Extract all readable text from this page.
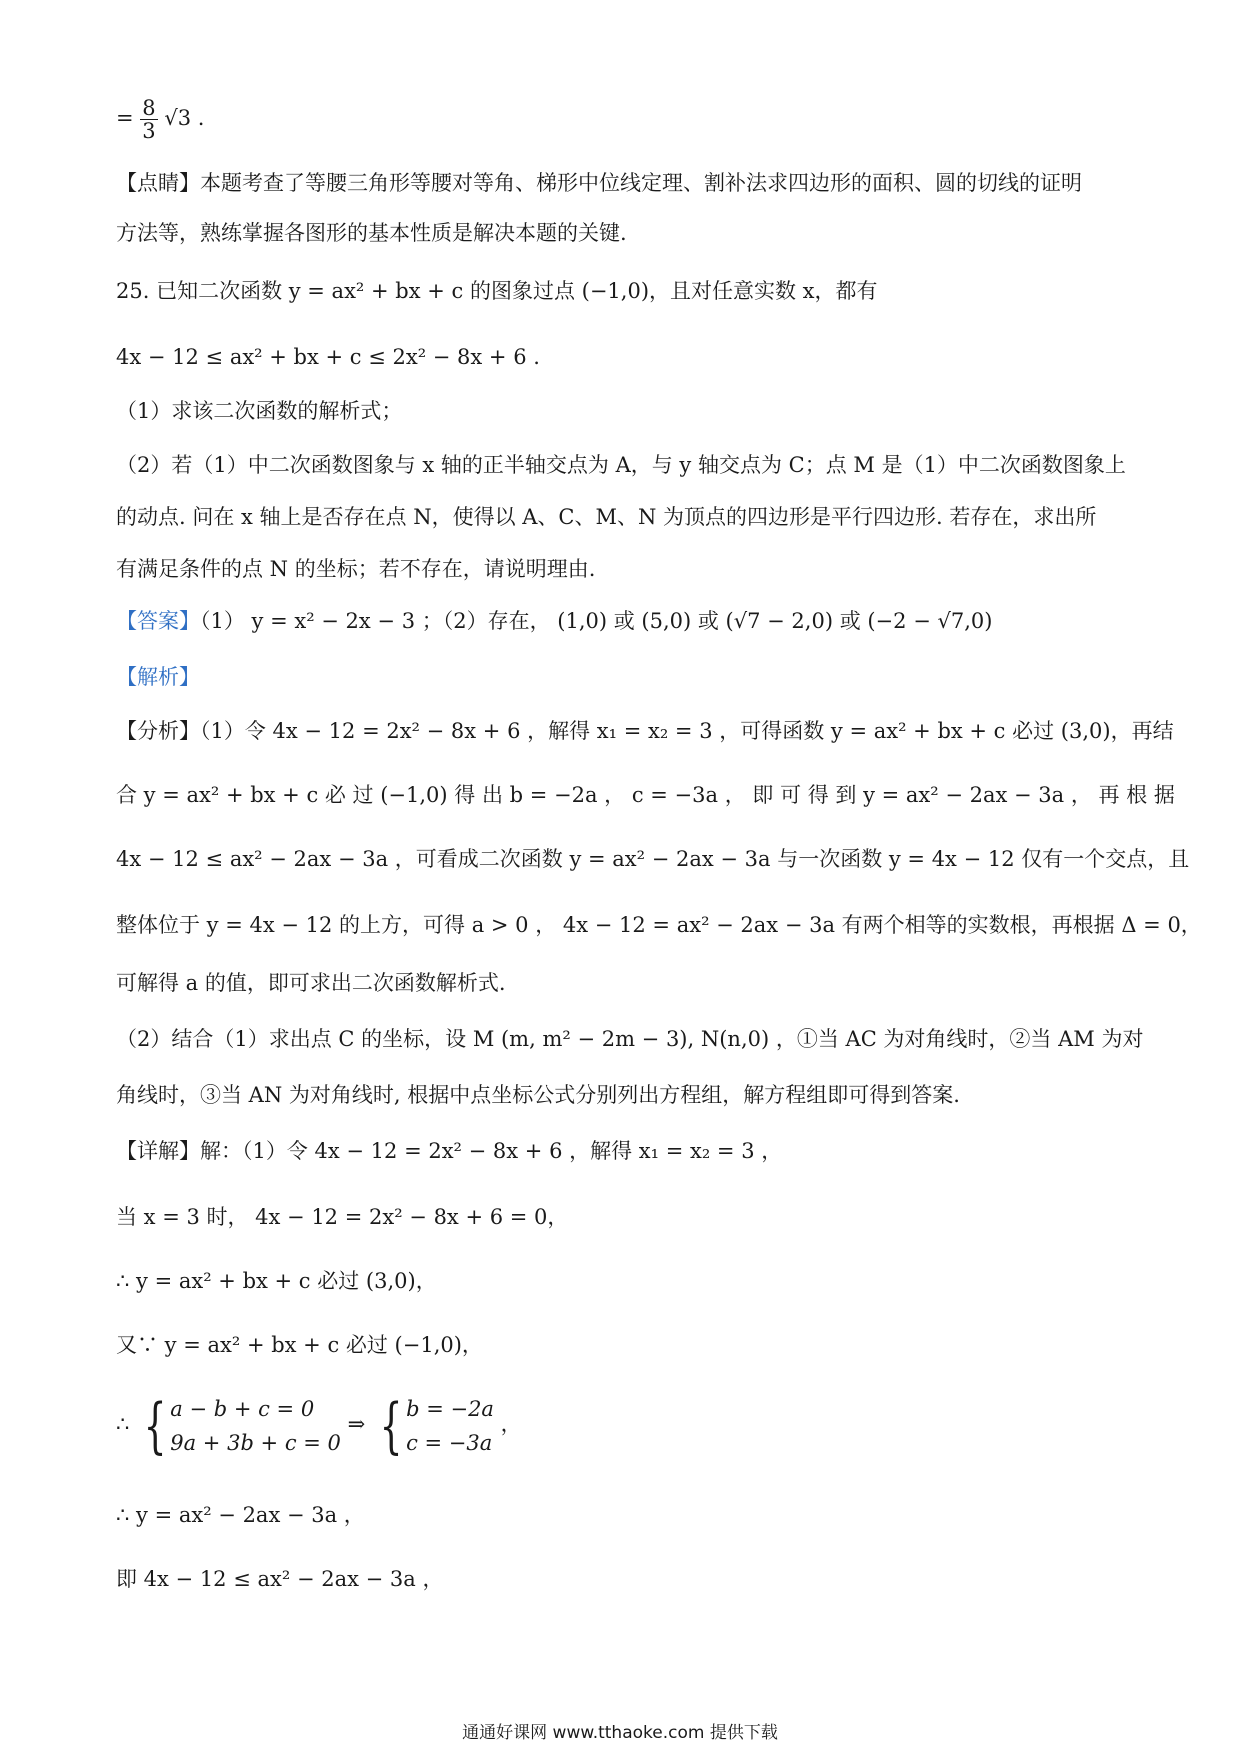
= $\frac{8}{3} √3$ .
【点睛】本题考查了等腰三角形等腰对等角、梯形中位线定理、割补法求四边形的面积、圆的切线的证明
方法等，熟练掌握各图形的基本性质是解决本题的关键.
25. 已知二次函数 y = ax² + bx + c 的图象过点 (−1,0)，且对任意实数 x，都有
4x − 12 ≤ ax² + bx + c ≤ 2x² − 8x + 6 .
（1）求该二次函数的解析式；
（2）若（1）中二次函数图象与 x 轴的正半轴交点为 A，与 y 轴交点为 C；点 M 是（1）中二次函数图象上
的动点. 问在 x 轴上是否存在点 N，使得以 A、C、M、N 为顶点的四边形是平行四边形. 若存在，求出所
有满足条件的点 N 的坐标；若不存在，请说明理由.
【答案】（1） y = x² − 2x − 3 ；（2）存在， (1,0) 或 (5,0) 或 (√7 − 2,0) 或 (−2 − √7,0)
【解析】
【分析】（1）令 4x − 12 = 2x² − 8x + 6 ，解得 x₁ = x₂ = 3 ，可得函数 y = ax² + bx + c 必过 (3,0)，再结
合 y = ax² + bx + c 必 过 (−1,0) 得 出 b = −2a ， c = −3a ， 即 可 得 到 y = ax² − 2ax − 3a ， 再 根 据
4x − 12 ≤ ax² − 2ax − 3a ，可看成二次函数 y = ax² − 2ax − 3a 与一次函数 y = 4x − 12 仅有一个交点，且
整体位于 y = 4x − 12 的上方，可得 a > 0 ， 4x − 12 = ax² − 2ax − 3a 有两个相等的实数根，再根据 Δ = 0，
可解得 a 的值，即可求出二次函数解析式.
（2）结合（1）求出点 C 的坐标，设 M (m, m² − 2m − 3), N(n,0) ，①当 AC 为对角线时，②当 AM 为对
角线时，③当 AN 为对角线时, 根据中点坐标公式分别列出方程组，解方程组即可得到答案.
【详解】解：（1）令 4x − 12 = 2x² − 8x + 6 ，解得 x₁ = x₂ = 3 ，
当 x = 3 时， 4x − 12 = 2x² − 8x + 6 = 0，
∴ y = ax² + bx + c 必过 (3,0)，
又∵ y = ax² + bx + c 必过 (−1,0)，
∴ { a − b + c = 0
9a + 3b + c = 0
⇒ { b = −2a
c = −3a
，
∴ y = ax² − 2ax − 3a ，
即 4x − 12 ≤ ax² − 2ax − 3a ，
通通好课网 www.tthaoke.com 提供下载
